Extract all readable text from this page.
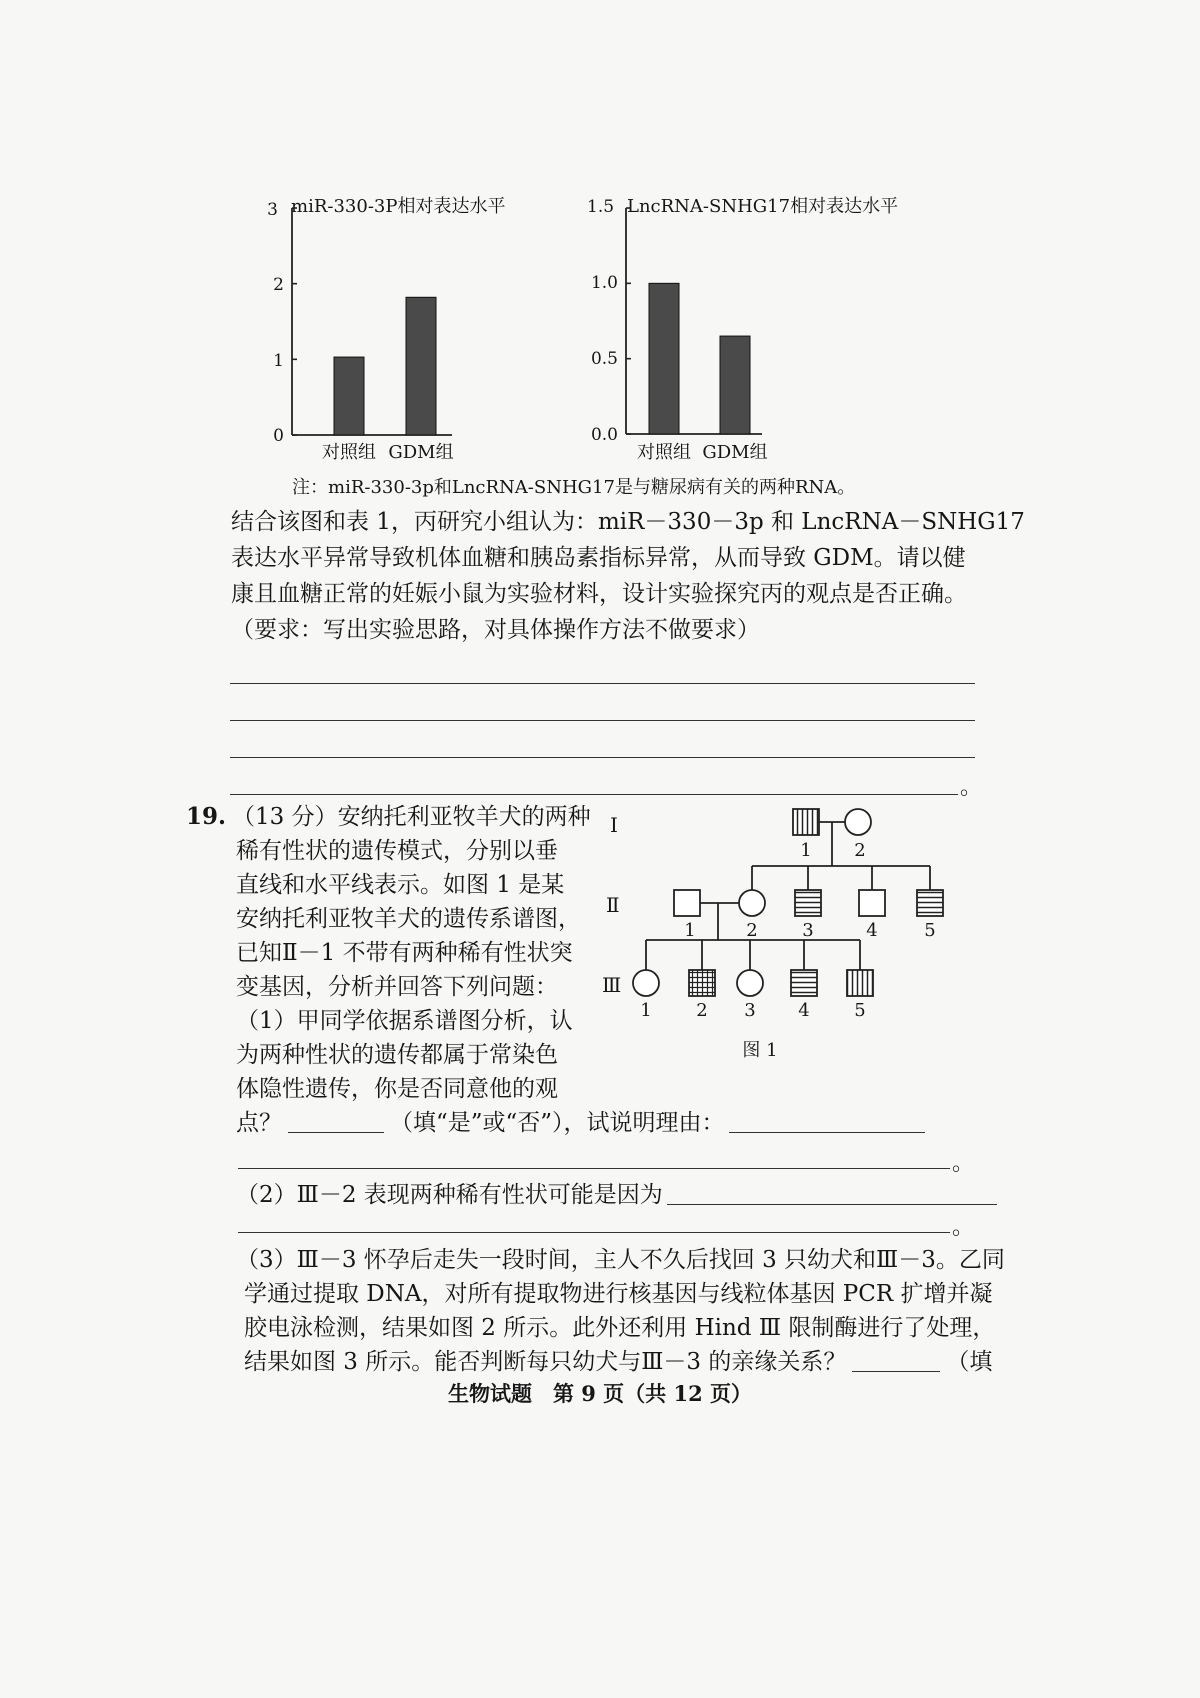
3 miR-330-3P相对表达水平
2
1
0
对照组 GDM组
1.5 LncRNA-SNHG17相对表达水平
1.0
0.5
0.0
对照组 GDM组
注：miR-330-3p和LncRNA-SNHG17是与糖尿病有关的两种RNA。
结合该图和表 1，丙研究小组认为：miR－330－3p 和 LncRNA－SNHG17
表达水平异常导致机体血糖和胰岛素指标异常，从而导致 GDM。请以健
康且血糖正常的妊娠小鼠为实验材料，设计实验探究丙的观点是否正确。
（要求：写出实验思路，对具体操作方法不做要求）
。
19. （13 分）安纳托利亚牧羊犬的两种
稀有性状的遗传模式，分别以垂
直线和水平线表示。如图 1 是某
安纳托利亚牧羊犬的遗传系谱图，
已知Ⅱ－1 不带有两种稀有性状突
变基因，分析并回答下列问题：
（1）甲同学依据系谱图分析，认
为两种性状的遗传都属于常染色
体隐性遗传，你是否同意他的观
点？	（填“是”或“否”），试说明理由：
。
（2）Ⅲ－2 表现两种稀有性状可能是因为
。
（3）Ⅲ－3 怀孕后走失一段时间，主人不久后找回 3 只幼犬和Ⅲ－3。乙同
学通过提取 DNA，对所有提取物进行核基因与线粒体基因 PCR 扩增并凝
胶电泳检测，结果如图 2 所示。此外还利用 Hind Ⅲ 限制酶进行了处理，
结果如图 3 所示。能否判断每只幼犬与Ⅲ－3 的亲缘关系？	（填
Ⅰ
Ⅱ
Ⅲ
1 2
1	2 3	4	5
1 2 3 4 5
图 1
生物试题　第 9 页（共 12 页）
